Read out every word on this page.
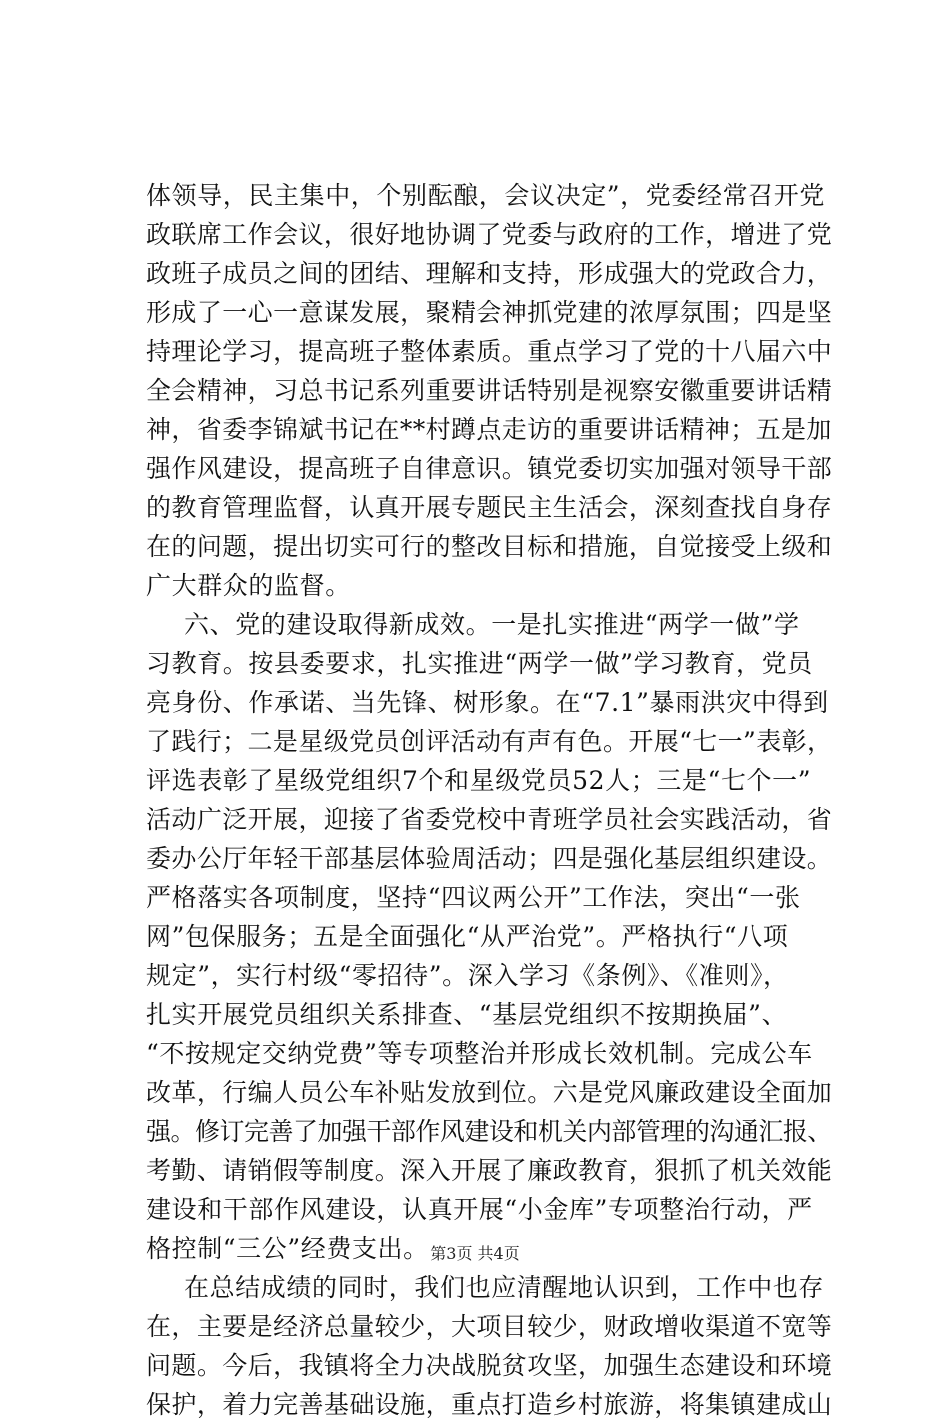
体领导，民主集中，个别酝酿，会议决定”，党委经常召开党
政联席工作会议，很好地协调了党委与政府的工作，增进了党
政班子成员之间的团结、理解和支持，形成强大的党政合力，
形成了一心一意谋发展，聚精会神抓党建的浓厚氛围；四是坚
持理论学习，提高班子整体素质。重点学习了党的十八届六中
全会精神，习总书记系列重要讲话特别是视察安徽重要讲话精
神，省委李锦斌书记在**村蹲点走访的重要讲话精神；五是加
强作风建设，提高班子自律意识。镇党委切实加强对领导干部
的教育管理监督，认真开展专题民主生活会，深刻查找自身存
在的问题，提出切实可行的整改目标和措施，自觉接受上级和
广大群众的监督。
六、党的建设取得新成效。一是扎实推进“两学一做”学
习教育。按县委要求，扎实推进“两学一做”学习教育，党员
亮身份、作承诺、当先锋、树形象。在“7.1”暴雨洪灾中得到
了践行；二是星级党员创评活动有声有色。开展“七一”表彰，
评选表彰了星级党组织7个和星级党员52人；三是“七个一”
活动广泛开展，迎接了省委党校中青班学员社会实践活动，省
委办公厅年轻干部基层体验周活动；四是强化基层组织建设。
严格落实各项制度，坚持“四议两公开”工作法，突出“一张
网”包保服务；五是全面强化“从严治党”。严格执行“八项
规定”，实行村级“零招待”。深入学习《条例》、《准则》，
扎实开展党员组织关系排查、“基层党组织不按期换届”、
“不按规定交纳党费”等专项整治并形成长效机制。完成公车
改革，行编人员公车补贴发放到位。六是党风廉政建设全面加
强。修订完善了加强干部作风建设和机关内部管理的沟通汇报、
考勤、请销假等制度。深入开展了廉政教育，狠抓了机关效能
建设和干部作风建设，认真开展“小金库”专项整治行动，严
格控制“三公”经费支出。
在总结成绩的同时，我们也应清醒地认识到，工作中也存
在，主要是经济总量较少，大项目较少，财政增收渠道不宽等
问题。今后，我镇将全力决战脱贫攻坚，加强生态建设和环境
保护，着力完善基础设施，重点打造乡村旅游，将集镇建成山
第3页 共4页
